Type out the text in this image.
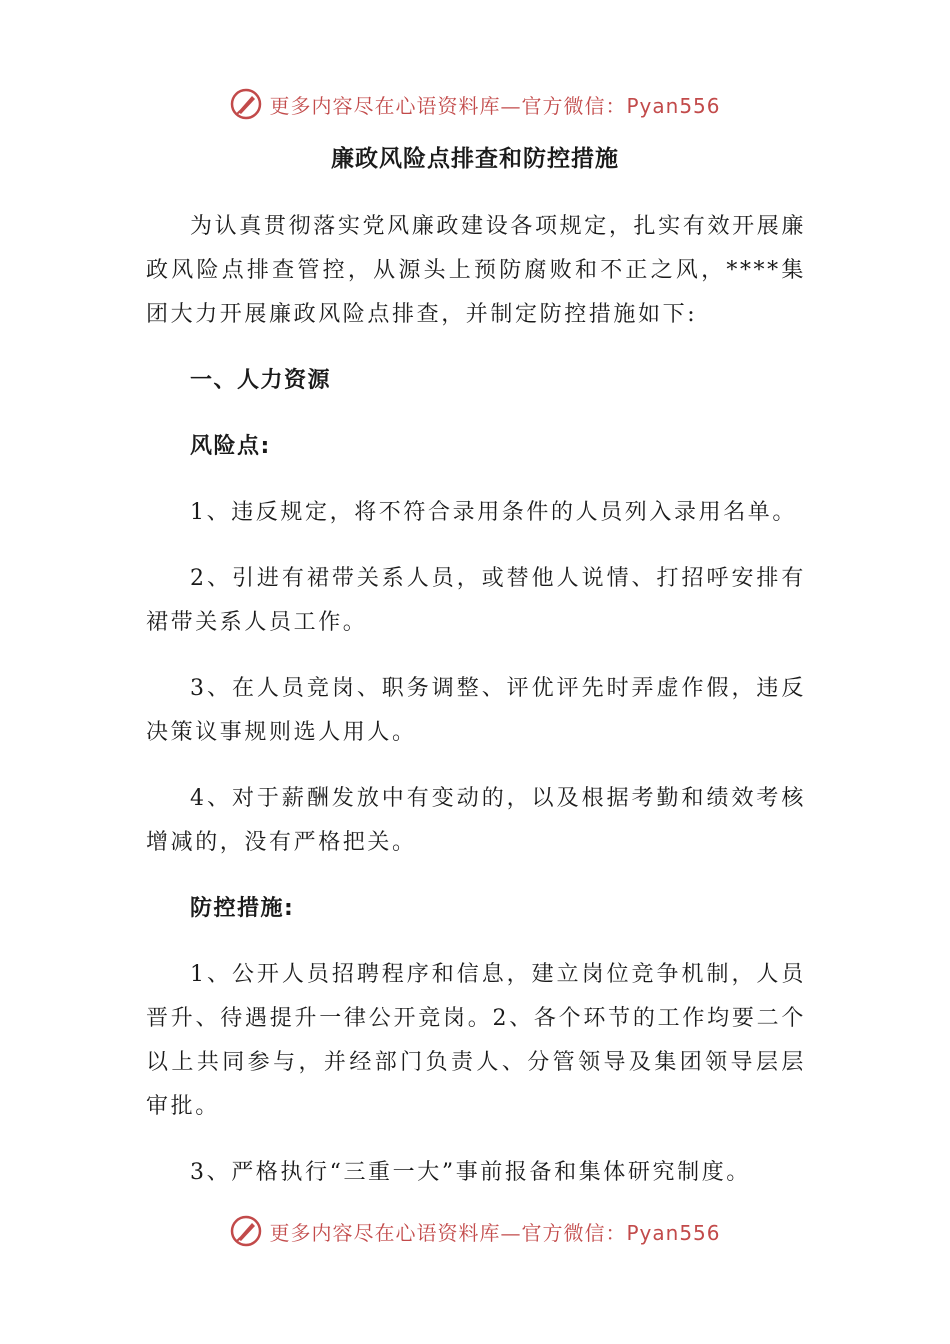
更多内容尽在心语资料库—官方微信：Pyan556
廉政风险点排查和防控措施

为认真贯彻落实党风廉政建设各项规定，扎实有效开展廉政风险点排查管控，从源头上预防腐败和不正之风，****集团大力开展廉政风险点排查，并制定防控措施如下:

一、人力资源

风险点:

1、违反规定，将不符合录用条件的人员列入录用名单。

2、引进有裙带关系人员，或替他人说情、打招呼安排有裙带关系人员工作。

3、在人员竞岗、职务调整、评优评先时弄虚作假，违反决策议事规则选人用人。

4、对于薪酬发放中有变动的，以及根据考勤和绩效考核增减的，没有严格把关。

防控措施:

1、公开人员招聘程序和信息，建立岗位竞争机制，人员晋升、待遇提升一律公开竞岗。2、各个环节的工作均要二个以上共同参与，并经部门负责人、分管领导及集团领导层层审批。

3、严格执行“三重一大”事前报备和集体研究制度。

更多内容尽在心语资料库—官方微信：Pyan556
